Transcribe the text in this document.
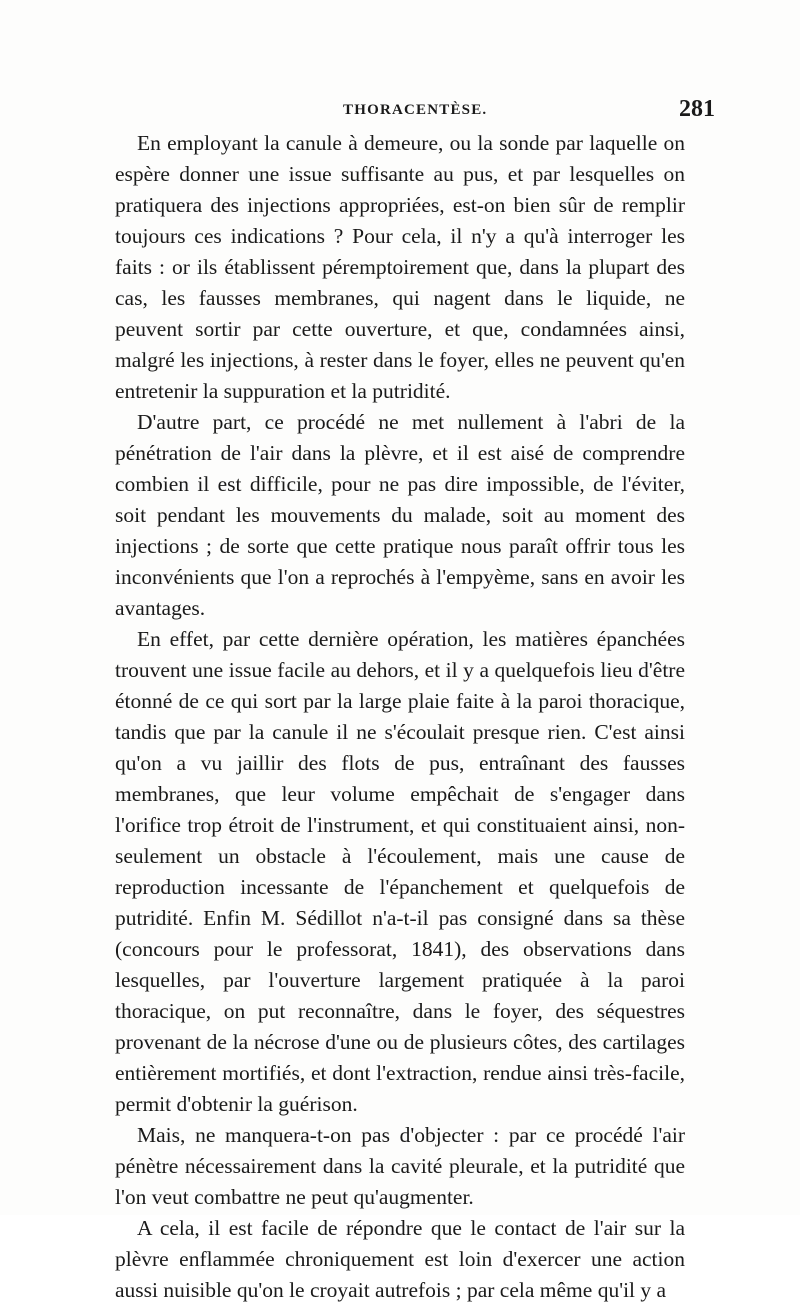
THORACENTÈSE.	281

En employant la canule à demeure, ou la sonde par laquelle on espère donner une issue suffisante au pus, et par lesquelles on pratiquera des injections appropriées, est-on bien sûr de remplir toujours ces indications ? Pour cela, il n'y a qu'à interroger les faits : or ils établissent péremptoirement que, dans la plupart des cas, les fausses membranes, qui nagent dans le liquide, ne peuvent sortir par cette ouverture, et que, condamnées ainsi, malgré les injections, à rester dans le foyer, elles ne peuvent qu'en entretenir la suppuration et la putridité.

D'autre part, ce procédé ne met nullement à l'abri de la pénétration de l'air dans la plèvre, et il est aisé de comprendre combien il est difficile, pour ne pas dire impossible, de l'éviter, soit pendant les mouvements du malade, soit au moment des injections ; de sorte que cette pratique nous paraît offrir tous les inconvénients que l'on a reprochés à l'empyème, sans en avoir les avantages.

En effet, par cette dernière opération, les matières épanchées trouvent une issue facile au dehors, et il y a quelquefois lieu d'être étonné de ce qui sort par la large plaie faite à la paroi thoracique, tandis que par la canule il ne s'écoulait presque rien. C'est ainsi qu'on a vu jaillir des flots de pus, entraînant des fausses membranes, que leur volume empêchait de s'engager dans l'orifice trop étroit de l'instrument, et qui constituaient ainsi, non-seulement un obstacle à l'écoulement, mais une cause de reproduction incessante de l'épanchement et quelquefois de putridité. Enfin M. Sédillot n'a-t-il pas consigné dans sa thèse (concours pour le professorat, 1841), des observations dans lesquelles, par l'ouverture largement pratiquée à la paroi thoracique, on put reconnaître, dans le foyer, des séquestres provenant de la nécrose d'une ou de plusieurs côtes, des cartilages entièrement mortifiés, et dont l'extraction, rendue ainsi très-facile, permit d'obtenir la guérison.

Mais, ne manquera-t-on pas d'objecter : par ce procédé l'air pénètre nécessairement dans la cavité pleurale, et la putridité que l'on veut combattre ne peut qu'augmenter.

A cela, il est facile de répondre que le contact de l'air sur la plèvre enflammée chroniquement est loin d'exercer une action aussi nuisible qu'on le croyait autrefois ; par cela même qu'il y a
